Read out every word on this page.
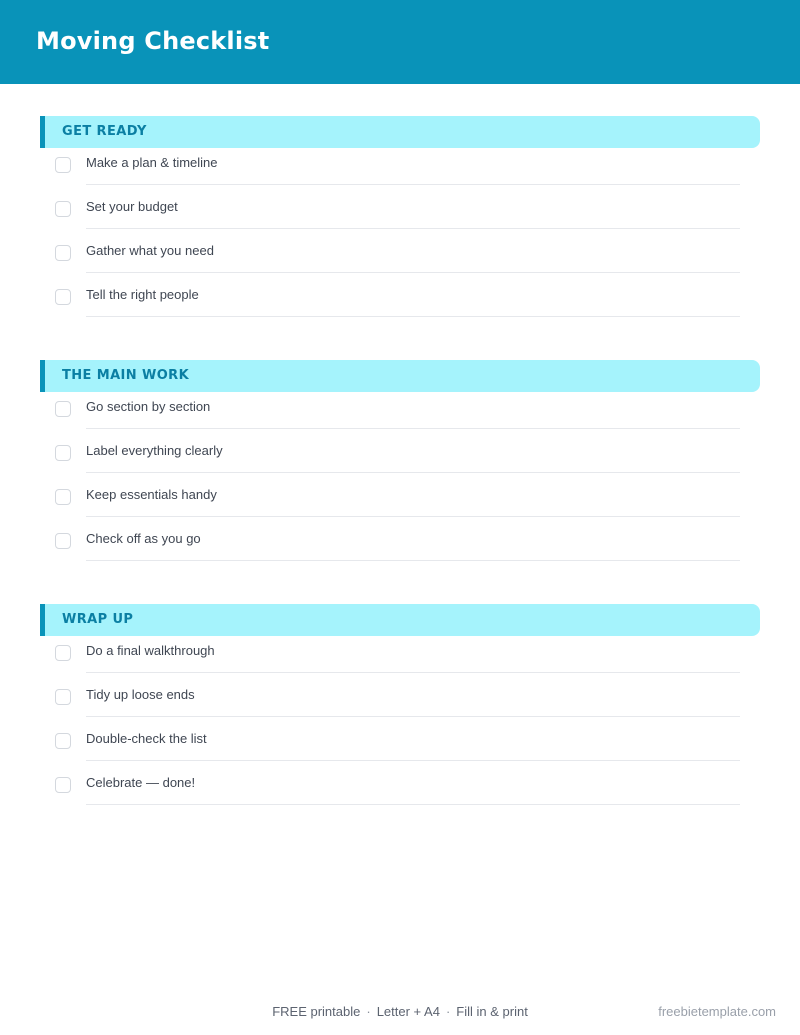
Moving Checklist
GET READY
Make a plan & timeline
Set your budget
Gather what you need
Tell the right people
THE MAIN WORK
Go section by section
Label everything clearly
Keep essentials handy
Check off as you go
WRAP UP
Do a final walkthrough
Tidy up loose ends
Double-check the list
Celebrate — done!
FREE printable · Letter + A4 · Fill in & print	freebietemplate.com
